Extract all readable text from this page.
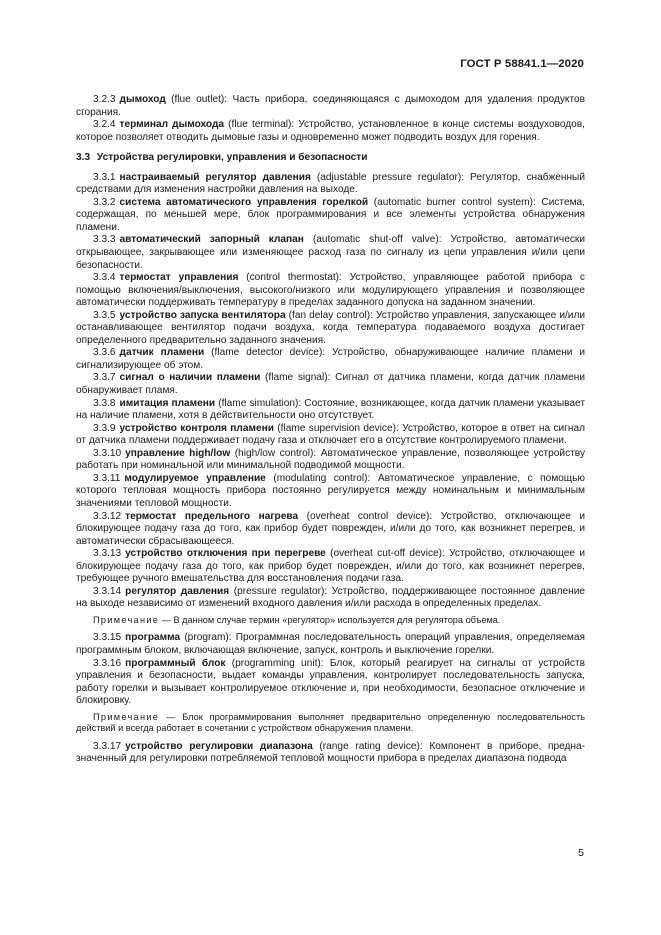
ГОСТ Р 58841.1—2020

3.2.3 дымоход (flue outlet): Часть прибора, соединяющаяся с дымоходом для удаления продуктов сгорания.

3.2.4 терминал дымохода (flue terminal): Устройство, установленное в конце системы воздуховодов, которое позволяет отводить дымовые газы и одновременно может подводить воздух для горения.

3.3 Устройства регулировки, управления и безопасности

3.3.1 настраиваемый регулятор давления (adjustable pressure regulator): Регулятор, снабженный средствами для изменения настройки давления на выходе.

3.3.2 система автоматического управления горелкой (automatic burner control system): Система, содержащая, по меньшей мере, блок программирования и все элементы устройства обнаружения пламени.

3.3.3 автоматический запорный клапан (automatic shut-off valve): Устройство, автоматически открывающее, закрывающее или изменяющее расход газа по сигналу из цепи управления и/или цепи безопасности.

3.3.4 термостат управления (control thermostat): Устройство, управляющее работой прибора с помощью включения/выключения, высокого/низкого или модулирующего управления и позволяющее автоматически поддерживать температуру в пределах заданного допуска на заданном значении.

3.3.5 устройство запуска вентилятора (fan delay control): Устройство управления, запускающее и/или останавливающее вентилятор подачи воздуха, когда температура подаваемого воздуха достигает определенного предварительно заданного значения.

3.3.6 датчик пламени (flame detector device): Устройство, обнаруживающее наличие пламени и сигнализирующее об этом.

3.3.7 сигнал о наличии пламени (flame signal): Сигнал от датчика пламени, когда датчик пламени обнаруживает пламя.

3.3.8 имитация пламени (flame simulation): Состояние, возникающее, когда датчик пламени указывает на наличие пламени, хотя в действительности оно отсутствует.

3.3.9 устройство контроля пламени (flame supervision device): Устройство, которое в ответ на сигнал от датчика пламени поддерживает подачу газа и отключает его в отсутствие контролируемого пламени.

3.3.10 управление high/low (high/low control): Автоматическое управление, позволяющее устройству работать при номинальной или минимальной подводимой мощности.

3.3.11 модулируемое управление (modulating control): Автоматическое управление, с помощью которого тепловая мощность прибора постоянно регулируется между номинальным и минимальным значениями тепловой мощности.

3.3.12 термостат предельного нагрева (overheat control device): Устройство, отключающее и блокирующее подачу газа до того, как прибор будет поврежден, и/или до того, как возникнет перегрев, и автоматически сбрасывающееся.

3.3.13 устройство отключения при перегреве (overheat cut-off device): Устройство, отключающее и блокирующее подачу газа до того, как прибор будет поврежден, и/или до того, как возникнет перегрев, требующее ручного вмешательства для восстановления подачи газа.

3.3.14 регулятор давления (pressure regulator): Устройство, поддерживающее постоянное давление на выходе независимо от изменений входного давления и/или расхода в определенных пределах.

Примечание — В данном случае термин «регулятор» используется для регулятора объема.

3.3.15 программа (program): Программная последовательность операций управления, определяемая программным блоком, включающая включение, запуск, контроль и выключение горелки.

3.3.16 программный блок (programming unit): Блок, который реагирует на сигналы от устройств управления и безопасности, выдает команды управления, контролирует последовательность запуска, работу горелки и вызывает контролируемое отключение и, при необходимости, безопасное отключение и блокировку.

Примечание — Блок программирования выполняет предварительно определенную последовательность действий и всегда работает в сочетании с устройством обнаружения пламени.

3.3.17 устройство регулировки диапазона (range rating device): Компонент в приборе, предназначенный для регулировки потребляемой тепловой мощности прибора в пределах диапазона подвода

5
